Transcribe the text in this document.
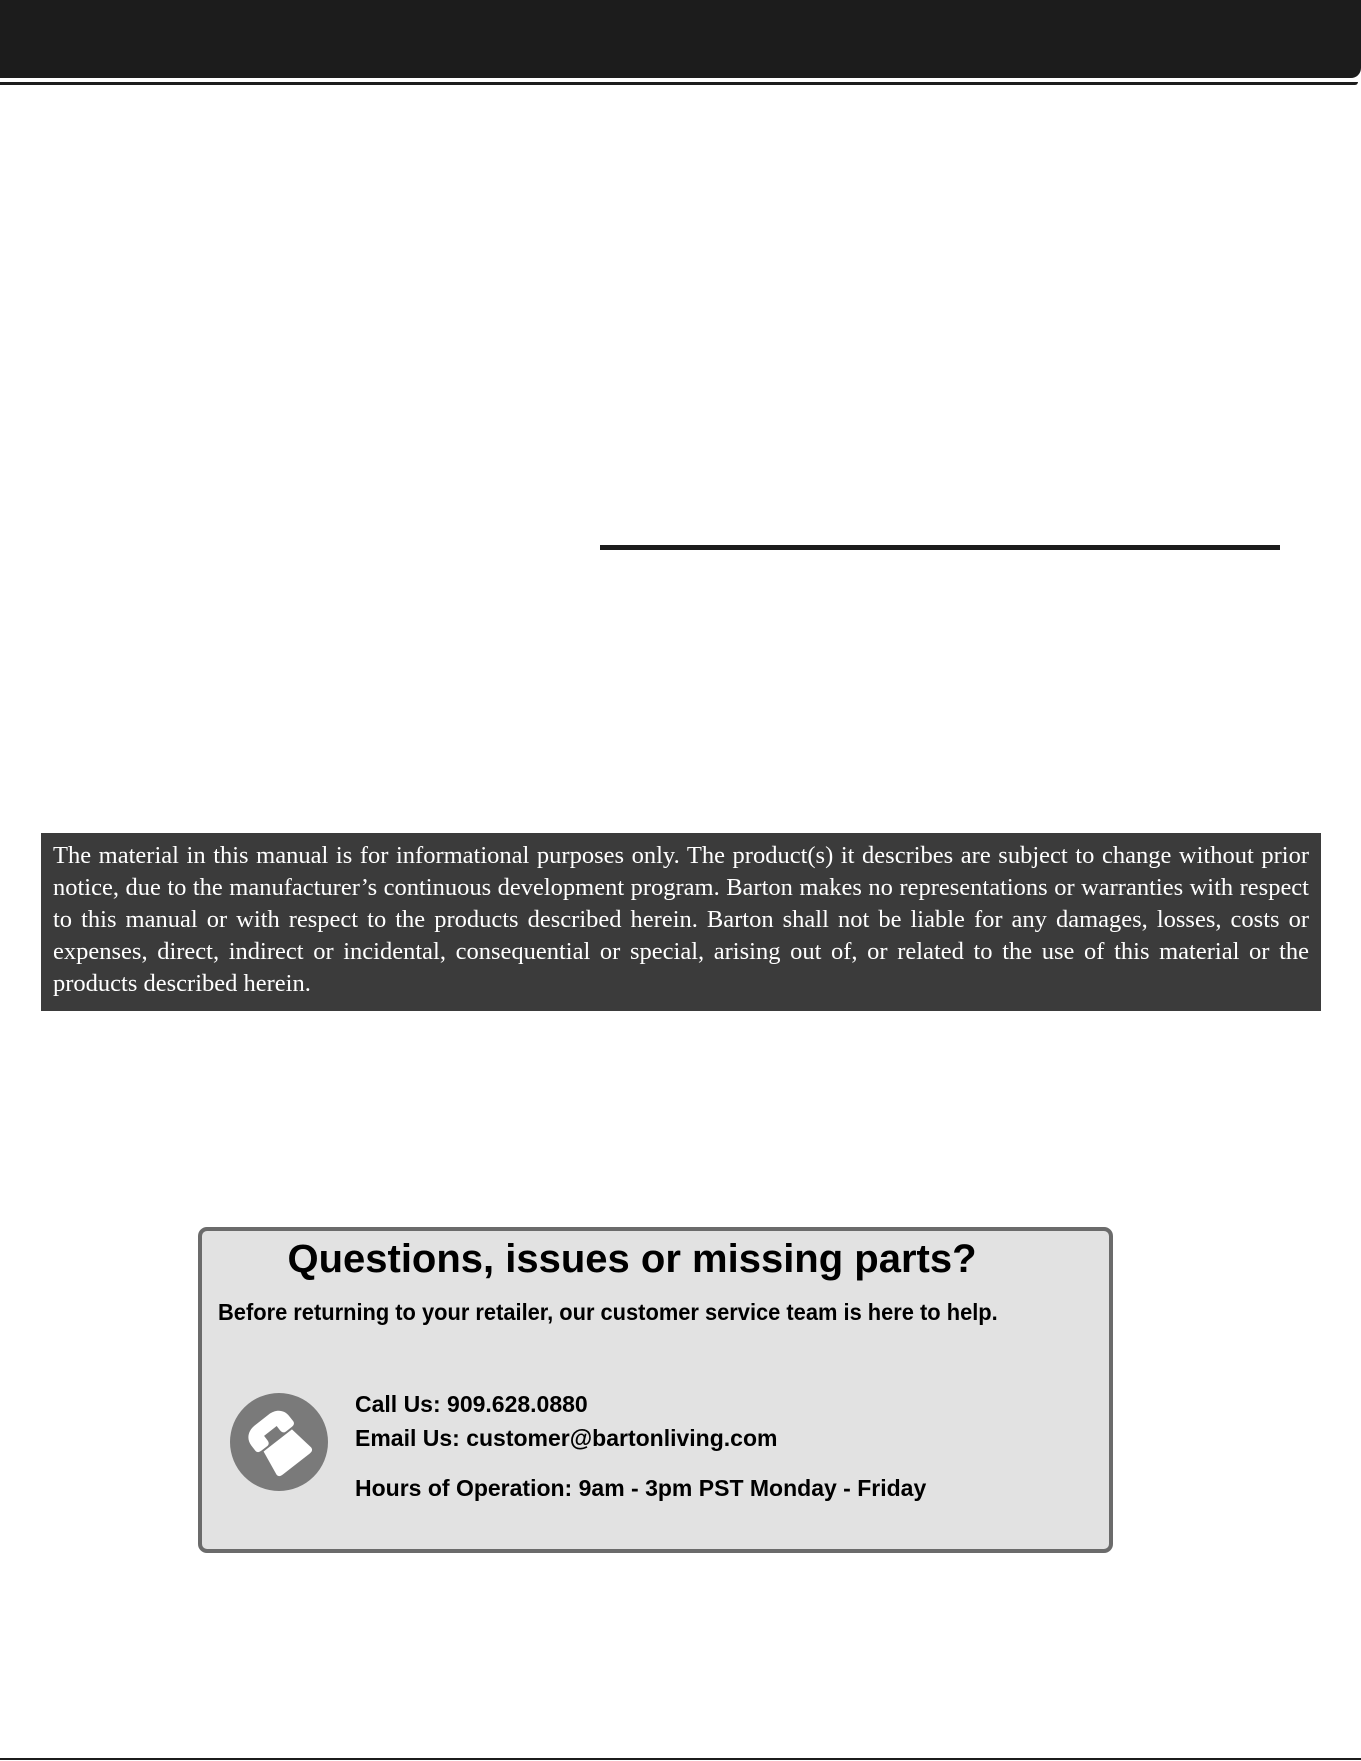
The material in this manual is for informational purposes only. The product(s) it describes are subject to change without prior notice, due to the manufacturer’s continuous development program. Barton makes no representations or warranties with respect to this manual or with respect to the products described herein. Barton shall not be liable for any damages, losses, costs or expenses, direct, indirect or incidental, consequential or special, arising out of, or related to the use of this material or the products described herein.

Questions, issues or missing parts?

Before returning to your retailer, our customer service team is here to help.

Call Us: 909.628.0880

Email Us: customer@bartonliving.com

Hours of Operation: 9am - 3pm PST Monday - Friday
